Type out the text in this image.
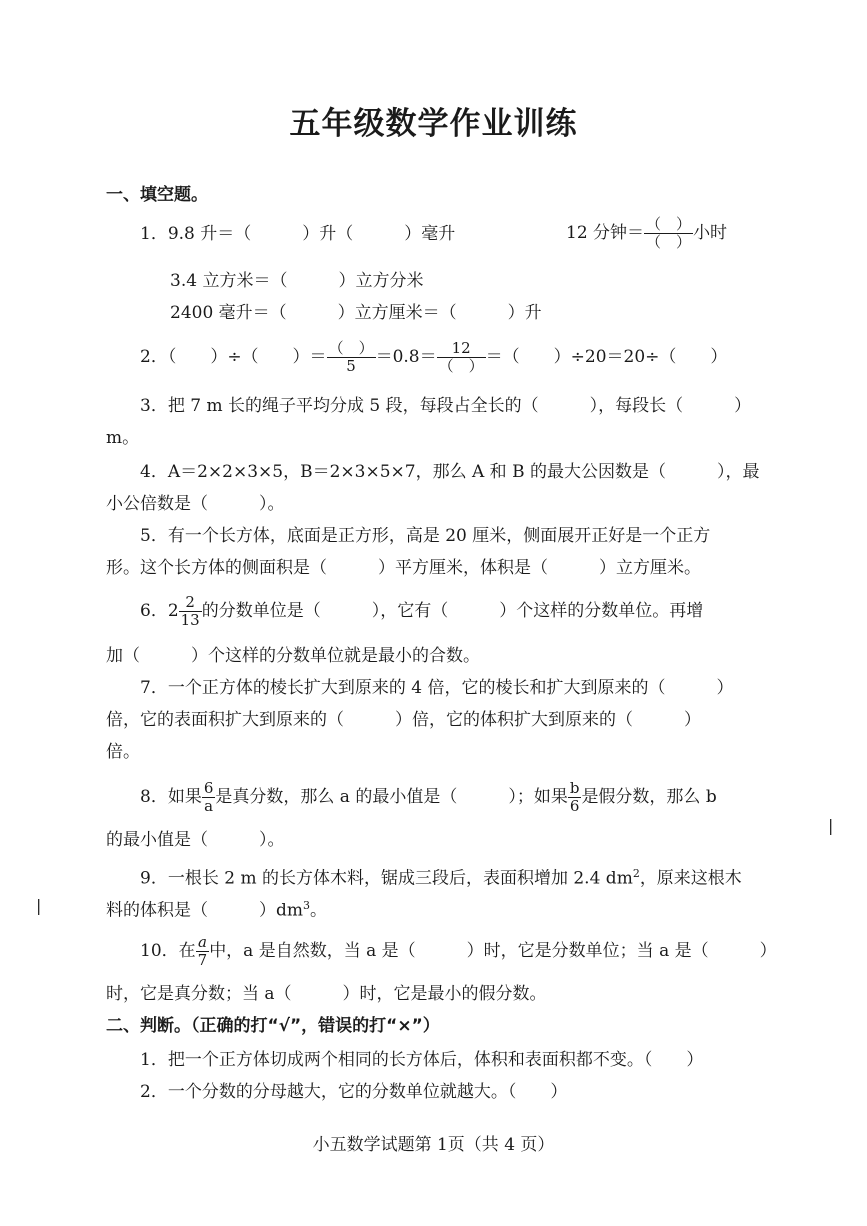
五年级数学作业训练
一、填空题。
1．9.8 升＝（　　　）升（　　　）毫升	12 分钟＝ $\frac{( )}{( )}$ 小时
3.4 立方米＝（　　　）立方分米
2400 毫升＝（　　　）立方厘米＝（　　　）升
2．（　　）÷（　　）＝ $\frac{( )}{5} =0.8= \frac{12}{( )}$ ＝（　　）÷20＝20÷（　　）
3．把 7 m 长的绳子平均分成 5 段，每段占全长的（　　　），每段长（　　　）
m。
4．A＝2×2×3×5，B＝2×3×5×7，那么 A 和 B 的最大公因数是（　　　），最
小公倍数是（　　　）。
5．有一个长方体，底面是正方形，高是 20 厘米，侧面展开正好是一个正方
形。这个长方体的侧面积是（　　　）平方厘米，体积是（　　　）立方厘米。
6．$2 \frac{2}{13}$ 的分数单位是（　　　），它有（　　　）个这样的分数单位。再增
加（　　　）个这样的分数单位就是最小的合数。
7．一个正方体的棱长扩大到原来的 4 倍，它的棱长和扩大到原来的（　　　）
倍，它的表面积扩大到原来的（　　　）倍，它的体积扩大到原来的（　　　）
倍。
8．如果 $\frac{6}{a}$ 是真分数，那么 a 的最小值是（　　　）；如果 $\frac{b}{6}$ 是假分数，那么 b
的最小值是（　　　）。
9．一根长 2 m 的长方体木料，锯成三段后，表面积增加 2.4 $dm^2$，原来这根木
料的体积是（　　　）$dm^3$。
10．在 $\frac{a}{7}$ 中，a 是自然数，当 a 是（　　　）时，它是分数单位；当 a 是（　　　）
时，它是真分数；当 a（　　　）时，它是最小的假分数。
二、判断。（正确的打“√”，错误的打“×”）
1．把一个正方体切成两个相同的长方体后，体积和表面积都不变。（　　）
2．一个分数的分母越大，它的分数单位就越大。（　　）
小五数学试题第 1页（共 4 页）
|
|
